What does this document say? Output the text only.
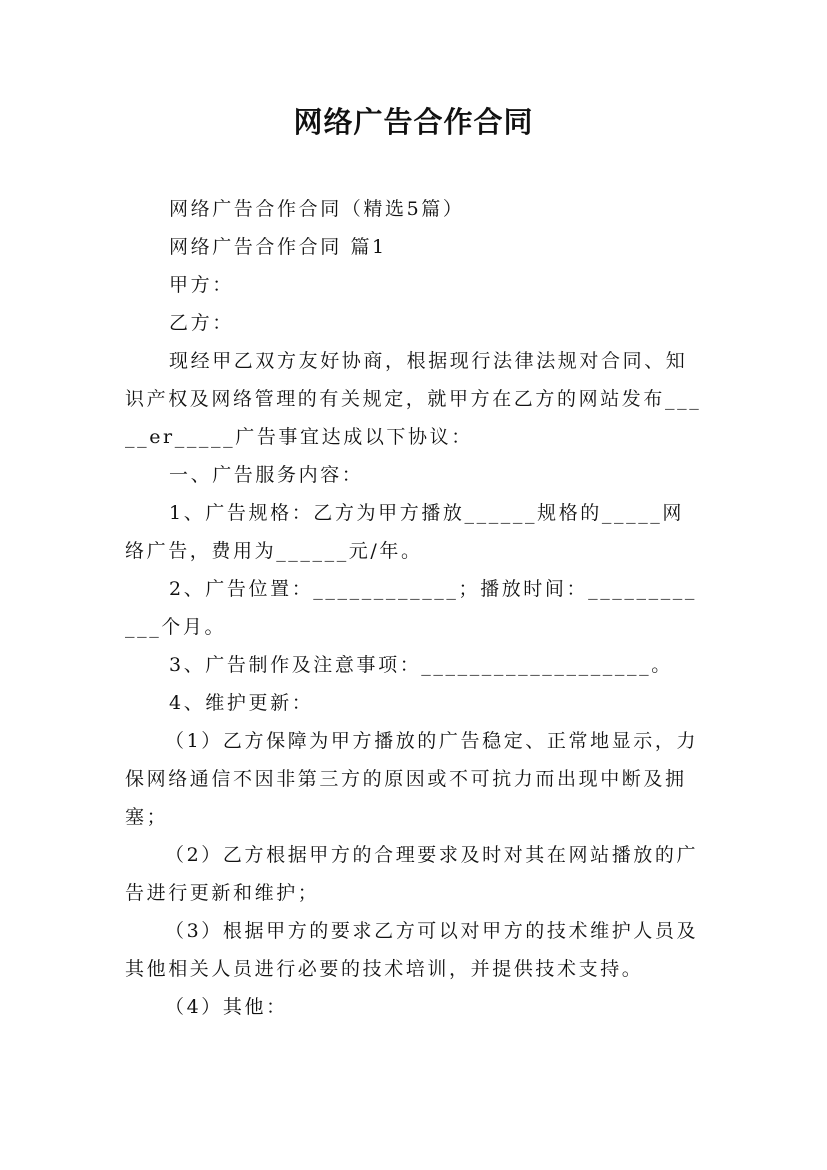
网络广告合作合同

网络广告合作合同（精选5篇）

网络广告合作合同 篇1

甲方：

乙方：

现经甲乙双方友好协商，根据现行法律法规对合同、知识产权及网络管理的有关规定，就甲方在乙方的网站发布_____er_____广告事宜达成以下协议：

一、广告服务内容：

1、广告规格：乙方为甲方播放______规格的_____网络广告，费用为______元/年。

2、广告位置：____________；播放时间：____________个月。

3、广告制作及注意事项：___________________。

4、维护更新：

（1）乙方保障为甲方播放的广告稳定、正常地显示，力保网络通信不因非第三方的原因或不可抗力而出现中断及拥塞；

（2）乙方根据甲方的合理要求及时对其在网站播放的广告进行更新和维护；

（3）根据甲方的要求乙方可以对甲方的技术维护人员及其他相关人员进行必要的技术培训，并提供技术支持。

（4）其他：
